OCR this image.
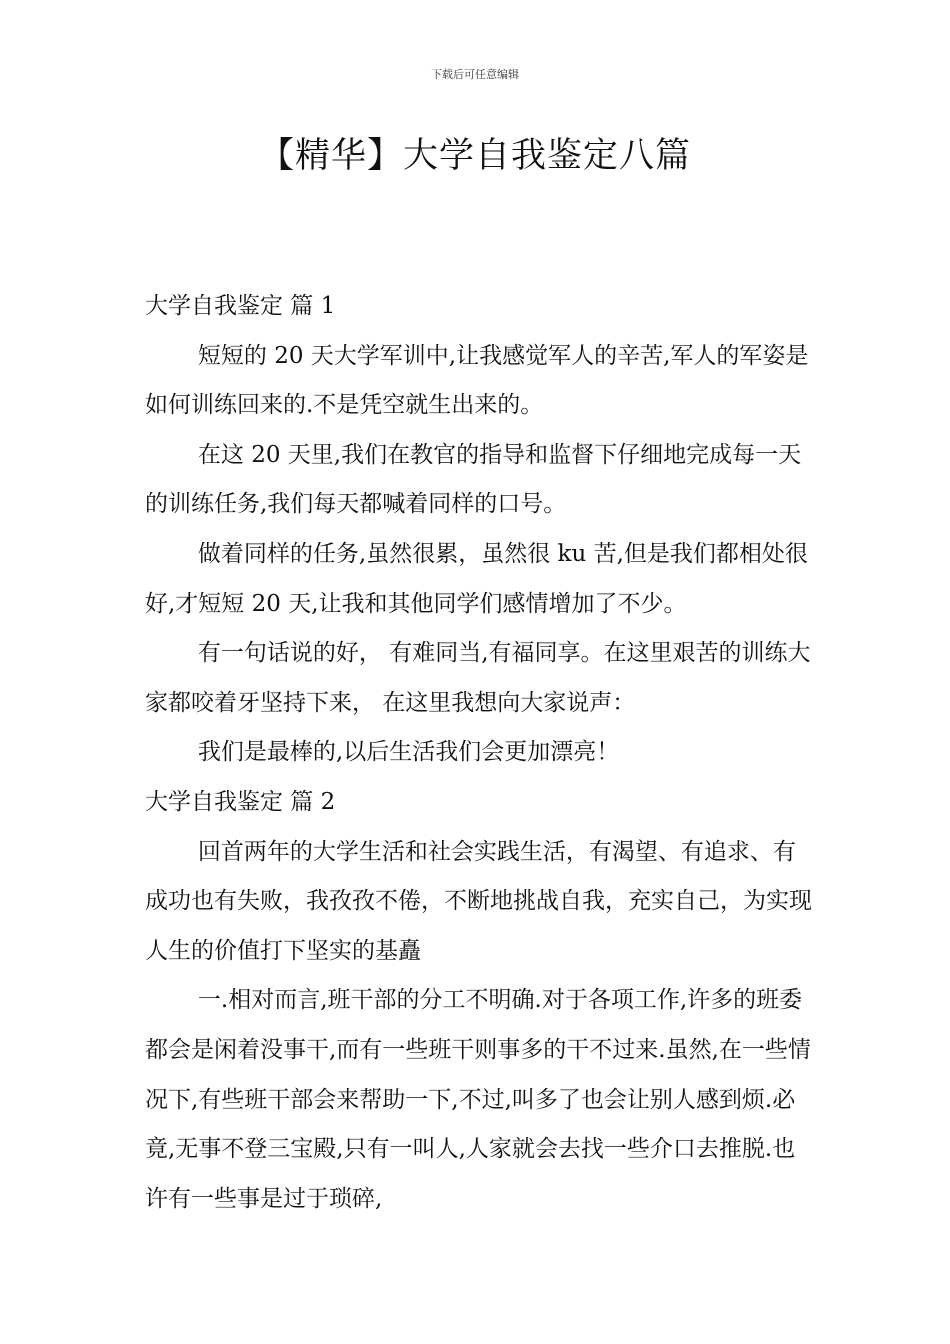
下载后可任意编辑
【精华】大学自我鉴定八篇

大学自我鉴定 篇 1

短短的 20 天大学军训中,让我感觉军人的辛苦,军人的军姿是如何训练回来的.不是凭空就生出来的。

在这 20 天里,我们在教官的指导和监督下仔细地完成每一天的训练任务,我们每天都喊着同样的口号。

做着同样的任务,虽然很累，虽然很 ku 苦,但是我们都相处很好,才短短 20 天,让我和其他同学们感情增加了不少。

有一句话说的好， 有难同当,有福同享。在这里艰苦的训练大家都咬着牙坚持下来， 在这里我想向大家说声：

我们是最棒的,以后生活我们会更加漂亮！

大学自我鉴定 篇 2

回首两年的大学生活和社会实践生活，有渴望、有追求、有成功也有失败，我孜孜不倦，不断地挑战自我，充实自己，为实现人生的价值打下坚实的基矗

一.相对而言,班干部的分工不明确.对于各项工作,许多的班委都会是闲着没事干,而有一些班干则事多的干不过来.虽然,在一些情况下,有些班干部会来帮助一下,不过,叫多了也会让别人感到烦.必竟,无事不登三宝殿,只有一叫人,人家就会去找一些介口去推脱.也许有一些事是过于琐碎,
